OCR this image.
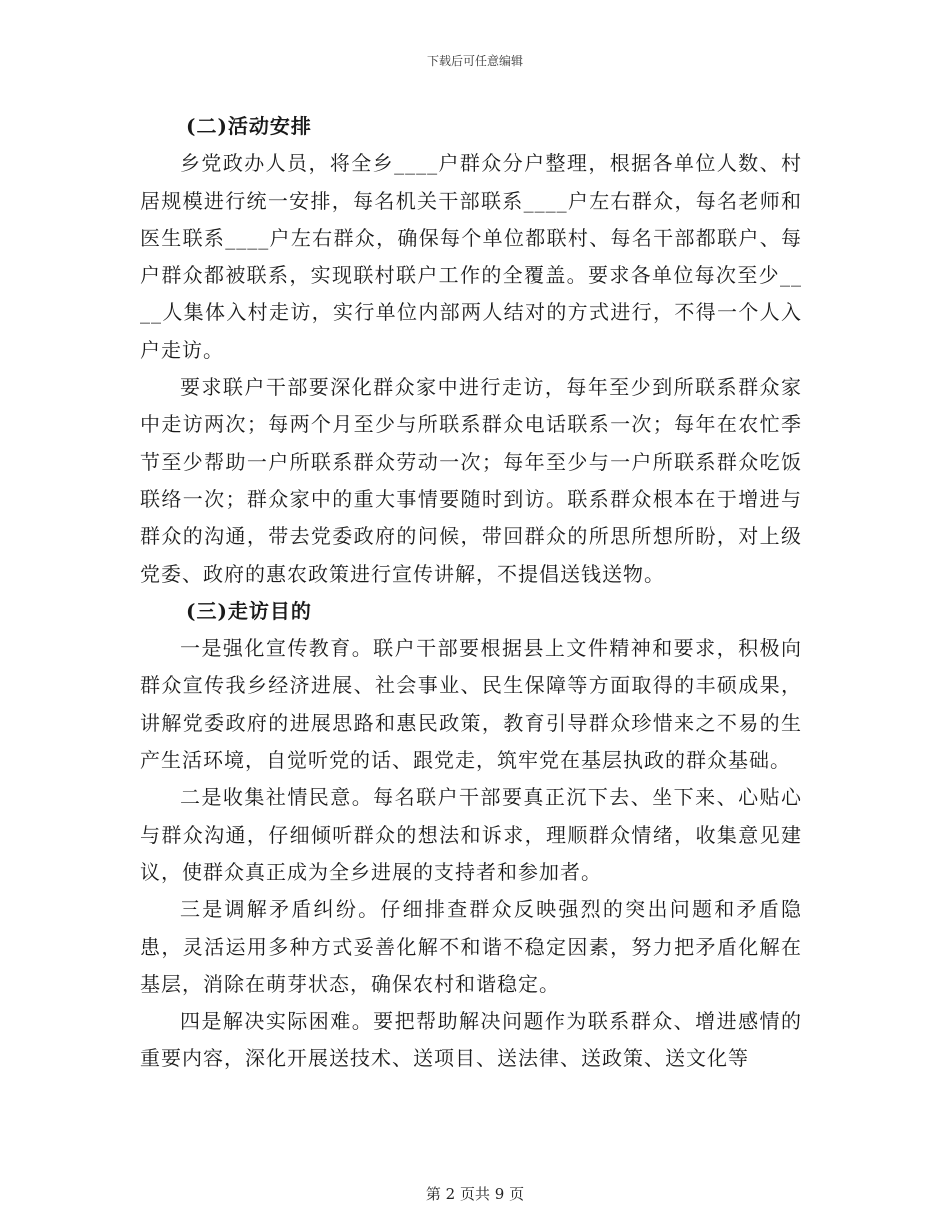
下载后可任意编辑
(二)活动安排

乡党政办人员，将全乡____户群众分户整理，根据各单位人数、村居规模进行统一安排，每名机关干部联系____户左右群众，每名老师和医生联系____户左右群众，确保每个单位都联村、每名干部都联户、每户群众都被联系，实现联村联户工作的全覆盖。要求各单位每次至少____人集体入村走访，实行单位内部两人结对的方式进行，不得一个人入户走访。

要求联户干部要深化群众家中进行走访，每年至少到所联系群众家中走访两次；每两个月至少与所联系群众电话联系一次；每年在农忙季节至少帮助一户所联系群众劳动一次；每年至少与一户所联系群众吃饭联络一次；群众家中的重大事情要随时到访。联系群众根本在于增进与群众的沟通，带去党委政府的问候，带回群众的所思所想所盼，对上级党委、政府的惠农政策进行宣传讲解，不提倡送钱送物。

(三)走访目的

一是强化宣传教育。联户干部要根据县上文件精神和要求，积极向群众宣传我乡经济进展、社会事业、民生保障等方面取得的丰硕成果，讲解党委政府的进展思路和惠民政策，教育引导群众珍惜来之不易的生产生活环境，自觉听党的话、跟党走，筑牢党在基层执政的群众基础。

二是收集社情民意。每名联户干部要真正沉下去、坐下来、心贴心与群众沟通，仔细倾听群众的想法和诉求，理顺群众情绪，收集意见建议，使群众真正成为全乡进展的支持者和参加者。

三是调解矛盾纠纷。仔细排查群众反映强烈的突出问题和矛盾隐患，灵活运用多种方式妥善化解不和谐不稳定因素，努力把矛盾化解在基层，消除在萌芽状态，确保农村和谐稳定。

四是解决实际困难。要把帮助解决问题作为联系群众、增进感情的重要内容，深化开展送技术、送项目、送法律、送政策、送文化等

第 2 页共 9 页
